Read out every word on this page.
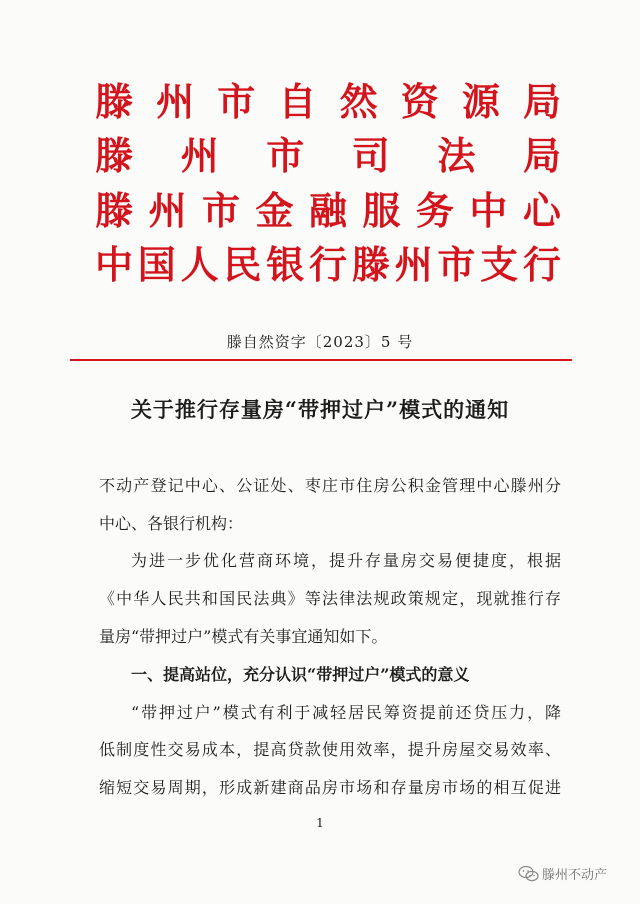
滕 州 市 自 然 资 源 局
滕 州 市 司 法 局
滕 州 市 金 融 服 务 中 心
中 国 人 民 银 行 滕 州 市 支 行
滕自然资字〔2023〕5 号
关于推行存量房“带押过户”模式的通知
不动产登记中心、公证处、枣庄市住房公积金管理中心滕州分
中心、各银行机构：
为进一步优化营商环境，提升存量房交易便捷度，根据
《中华人民共和国民法典》等法律法规政策规定，现就推行存
量房“带押过户”模式有关事宜通知如下。
一、提高站位，充分认识“带押过户”模式的意义
“带押过户”模式有利于减轻居民筹资提前还贷压力，降
低制度性交易成本，提高贷款使用效率，提升房屋交易效率、
缩短交易周期，形成新建商品房市场和存量房市场的相互促进
1
滕州不动产
